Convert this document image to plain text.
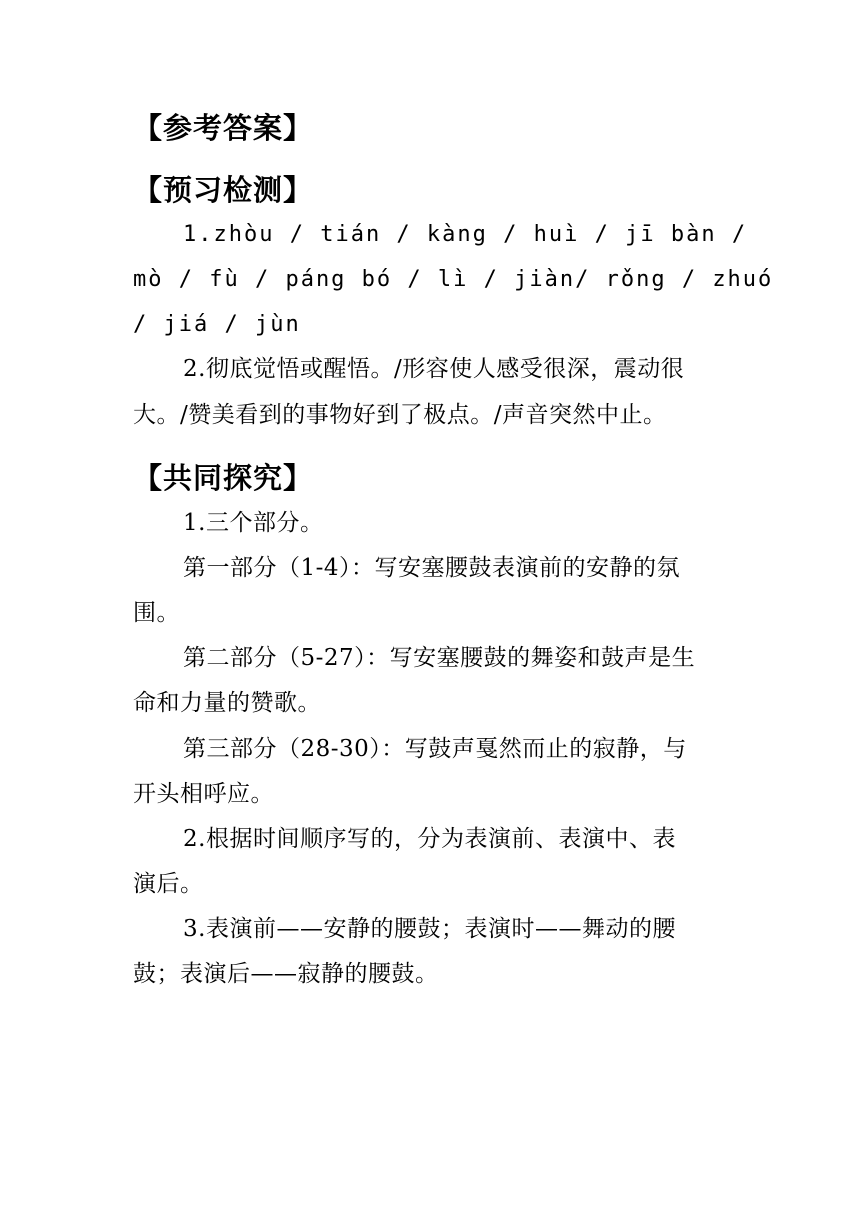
【参考答案】
【预习检测】
1.zhòu / tián / kàng / huì / jī bàn /
mò / fù / páng bó / lì / jiàn/ rǒng / zhuó
/ jiá / jùn
2.彻底觉悟或醒悟。/形容使人感受很深，震动很
大。/赞美看到的事物好到了极点。/声音突然中止。
【共同探究】
1.三个部分。
第一部分（1-4）：写安塞腰鼓表演前的安静的氛
围。
第二部分（5-27）：写安塞腰鼓的舞姿和鼓声是生
命和力量的赞歌。
第三部分（28-30）：写鼓声戛然而止的寂静，与
开头相呼应。
2.根据时间顺序写的，分为表演前、表演中、表
演后。
3.表演前——安静的腰鼓；表演时——舞动的腰
鼓；表演后——寂静的腰鼓。
